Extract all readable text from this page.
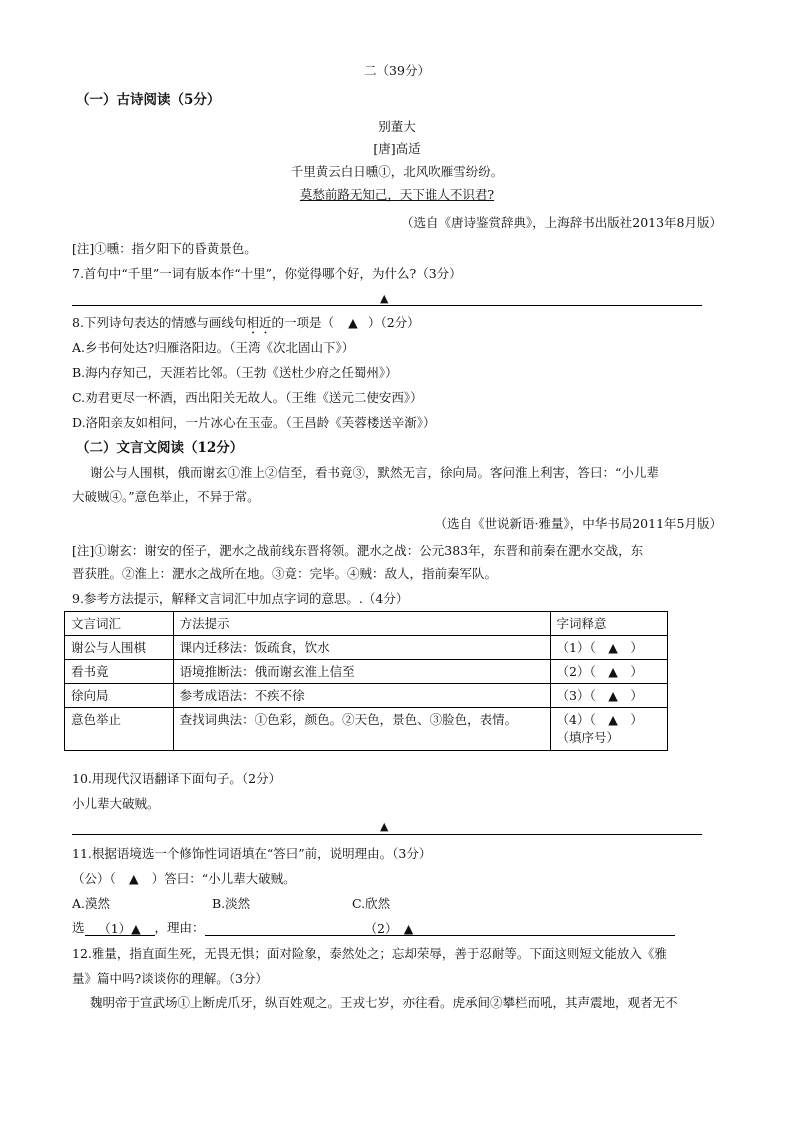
二（39分）
（一）古诗阅读（5分）
别董大
[唐]高适
千里黄云白日曛①，北风吹雁雪纷纷。
莫愁前路无知己，天下谁人不识君?
（选自《唐诗鉴赏辞典》，上海辞书出版社2013年8月版）
[注]①曛：指夕阳下的昏黄景色。
7.首句中“千里”一词有版本作“十里”，你觉得哪个好，为什么?（3分）
▲
8.下列诗句表达的情感与画线句相近的一项是（ ▲ ）（2分）
A.乡书何处达?归雁洛阳边。（王湾《次北固山下》）
B.海内存知己，天涯若比邻。（王勃《送杜少府之任蜀州》）
C.劝君更尽一杯酒，西出阳关无故人。（王维《送元二使安西》）
D.洛阳亲友如相问，一片冰心在玉壶。（王昌龄《芙蓉楼送辛渐》）
（二）文言文阅读（12分）
谢公与人围棋，俄而谢玄①淮上②信至，看书竟③，默然无言，徐向局。客问淮上利害，答曰：“小儿辈
大破贼④。”意色举止，不异于常。
（选自《世说新语·雅量》，中华书局2011年5月版）
[注]①谢玄：谢安的侄子，淝水之战前线东晋将领。淝水之战：公元383年，东晋和前秦在淝水交战，东
晋获胜。②淮上：淝水之战所在地。③竟：完毕。④贼：敌人，指前秦军队。
9.参考方法提示，解释文言词汇中加点字词的意思。.（4分）
文言词汇	方法提示	字词释意
谢公与人围棋	课内迁移法：饭疏食，饮水	（1）（　▲　）
看书竟	语境推断法：俄而谢玄淮上信至	（2）（　▲　）
徐向局	参考成语法：不疾不徐	（3）（　▲　）
意色举止	查找词典法：①色彩，颜色。②天色，景色、③脸色，表情。	（4）（　▲　）
（填序号）
10.用现代汉语翻译下面句子。（2分）
小儿辈大破贼。
▲
11.根据语境选一个修饰性词语填在“答曰”前，说明理由。（3分）
（公）（ ▲ ）答曰：“小儿辈大破贼。
A.漠然	B.淡然	C.欣然
选 （1）▲ ，理由：	（2）　▲
12.雅量，指直面生死，无畏无惧；面对险象，泰然处之；忘却荣辱，善于忍耐等。下面这则短文能放入《雅
量》篇中吗?谈谈你的理解。（3分）
魏明帝于宣武场①上断虎爪牙，纵百姓观之。王戎七岁，亦往看。虎承间②攀栏而吼，其声震地，观者无不
